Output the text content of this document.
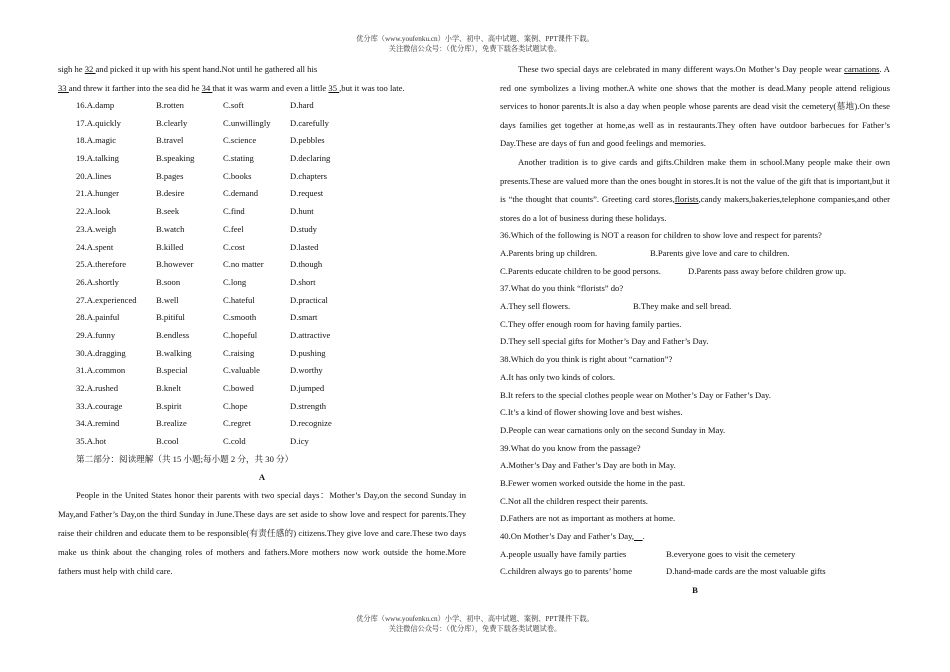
优分库（www.youfenku.cn）小学、初中、高中试题、案例、PPT课件下载。
关注微信公众号：（优分库），免费下载各类试题试卷。

sigh he 32 and picked it up with his spent hand.Not until he gathered all his
33 and threw it farther into the sea did he 34 that it was warm and even a little 35 ,but it was too late.

16.A.damp	B.rotten	C.soft	D.hard
17.A.quickly	B.clearly	C.unwillingly	D.carefully
18.A.magic	B.travel	C.science	D.pebbles
19.A.talking	B.speaking	C.stating	D.declaring
20.A.lines	B.pages	C.books	D.chapters
21.A.hunger	B.desire	C.demand	D.request
22.A.look	B.seek	C.find	D.hunt
23.A.weigh	B.watch	C.feel	D.study
24.A.spent	B.killed	C.cost	D.lasted
25.A.therefore	B.however	C.no matter	D.though
26.A.shortly	B.soon	C.long	D.short
27.A.experienced	B.well	C.hateful	D.practical
28.A.painful	B.pitiful	C.smooth	D.smart
29.A.funny	B.endless	C.hopeful	D.attractive
30.A.dragging	B.walking	C.raising	D.pushing
31.A.common	B.special	C.valuable	D.worthy
32.A.rushed	B.knelt	C.bowed	D.jumped
33.A.courage	B.spirit	C.hope	D.strength
34.A.remind	B.realize	C.regret	D.recognize
35.A.hot	B.cool	C.cold	D.icy
第二部分：阅读理解（共 15 小题;每小题 2 分，共 30 分）
A

People in the United States honor their parents with two special days：Mother’s Day,on the second Sunday in May,and Father’s Day,on the third Sunday in June.These days are set aside to show love and respect for parents.They raise their children and educate them to be responsible(有责任感的) citizens.They give love and care.These two days make us think about the changing roles of mothers and fathers.More mothers now work outside the home.More fathers must help with child care.

These two special days are celebrated in many different ways.On Mother’s Day people wear carnations. A red one symbolizes a living mother.A white one shows that the mother is dead.Many people attend religious services to honor parents.It is also a day when people whose parents are dead visit the cemetery(墓地).On these days families get together at home,as well as in restaurants.They often have outdoor barbecues for Father’s Day.These are days of fun and good feelings and memories.

Another tradition is to give cards and gifts.Children make them in school.Many people make their own presents.These are valued more than the ones bought in stores.It is not the value of the gift that is important,but it is “the thought that counts”. Greeting card stores,florists,candy makers,bakeries,telephone companies,and other stores do a lot of business during these holidays.

36.Which of the following is NOT a reason for children to show love and respect for parents?
A.Parents bring up children.	B.Parents give love and care to children.
C.Parents educate children to be good persons.	D.Parents pass away before children grow up.
37.What do you think “florists” do?
A.They sell flowers.	B.They make and sell bread.
C.They offer enough room for having family parties.
D.They sell special gifts for Mother’s Day and Father’s Day.
38.Which do you think is right about “carnation”?
A.It has only two kinds of colors.
B.It refers to the special clothes people wear on Mother’s Day or Father’s Day.
C.It’s a kind of flower showing love and best wishes.
D.People can wear carnations only on the second Sunday in May.
39.What do you know from the passage?
A.Mother’s Day and Father’s Day are both in May.
B.Fewer women worked outside the home in the past.
C.Not all the children respect their parents.
D.Fathers are not as important as mothers at home.
40.On Mother’s Day and Father’s Day, .
A.people usually have family parties	B.everyone goes to visit the cemetery
C.children always go to parents’ home	D.hand-made cards are the most valuable gifts
B
优分库（www.youfenku.cn）小学、初中、高中试题、案例、PPT课件下载。
关注微信公众号：（优分库），免费下载各类试题试卷。
